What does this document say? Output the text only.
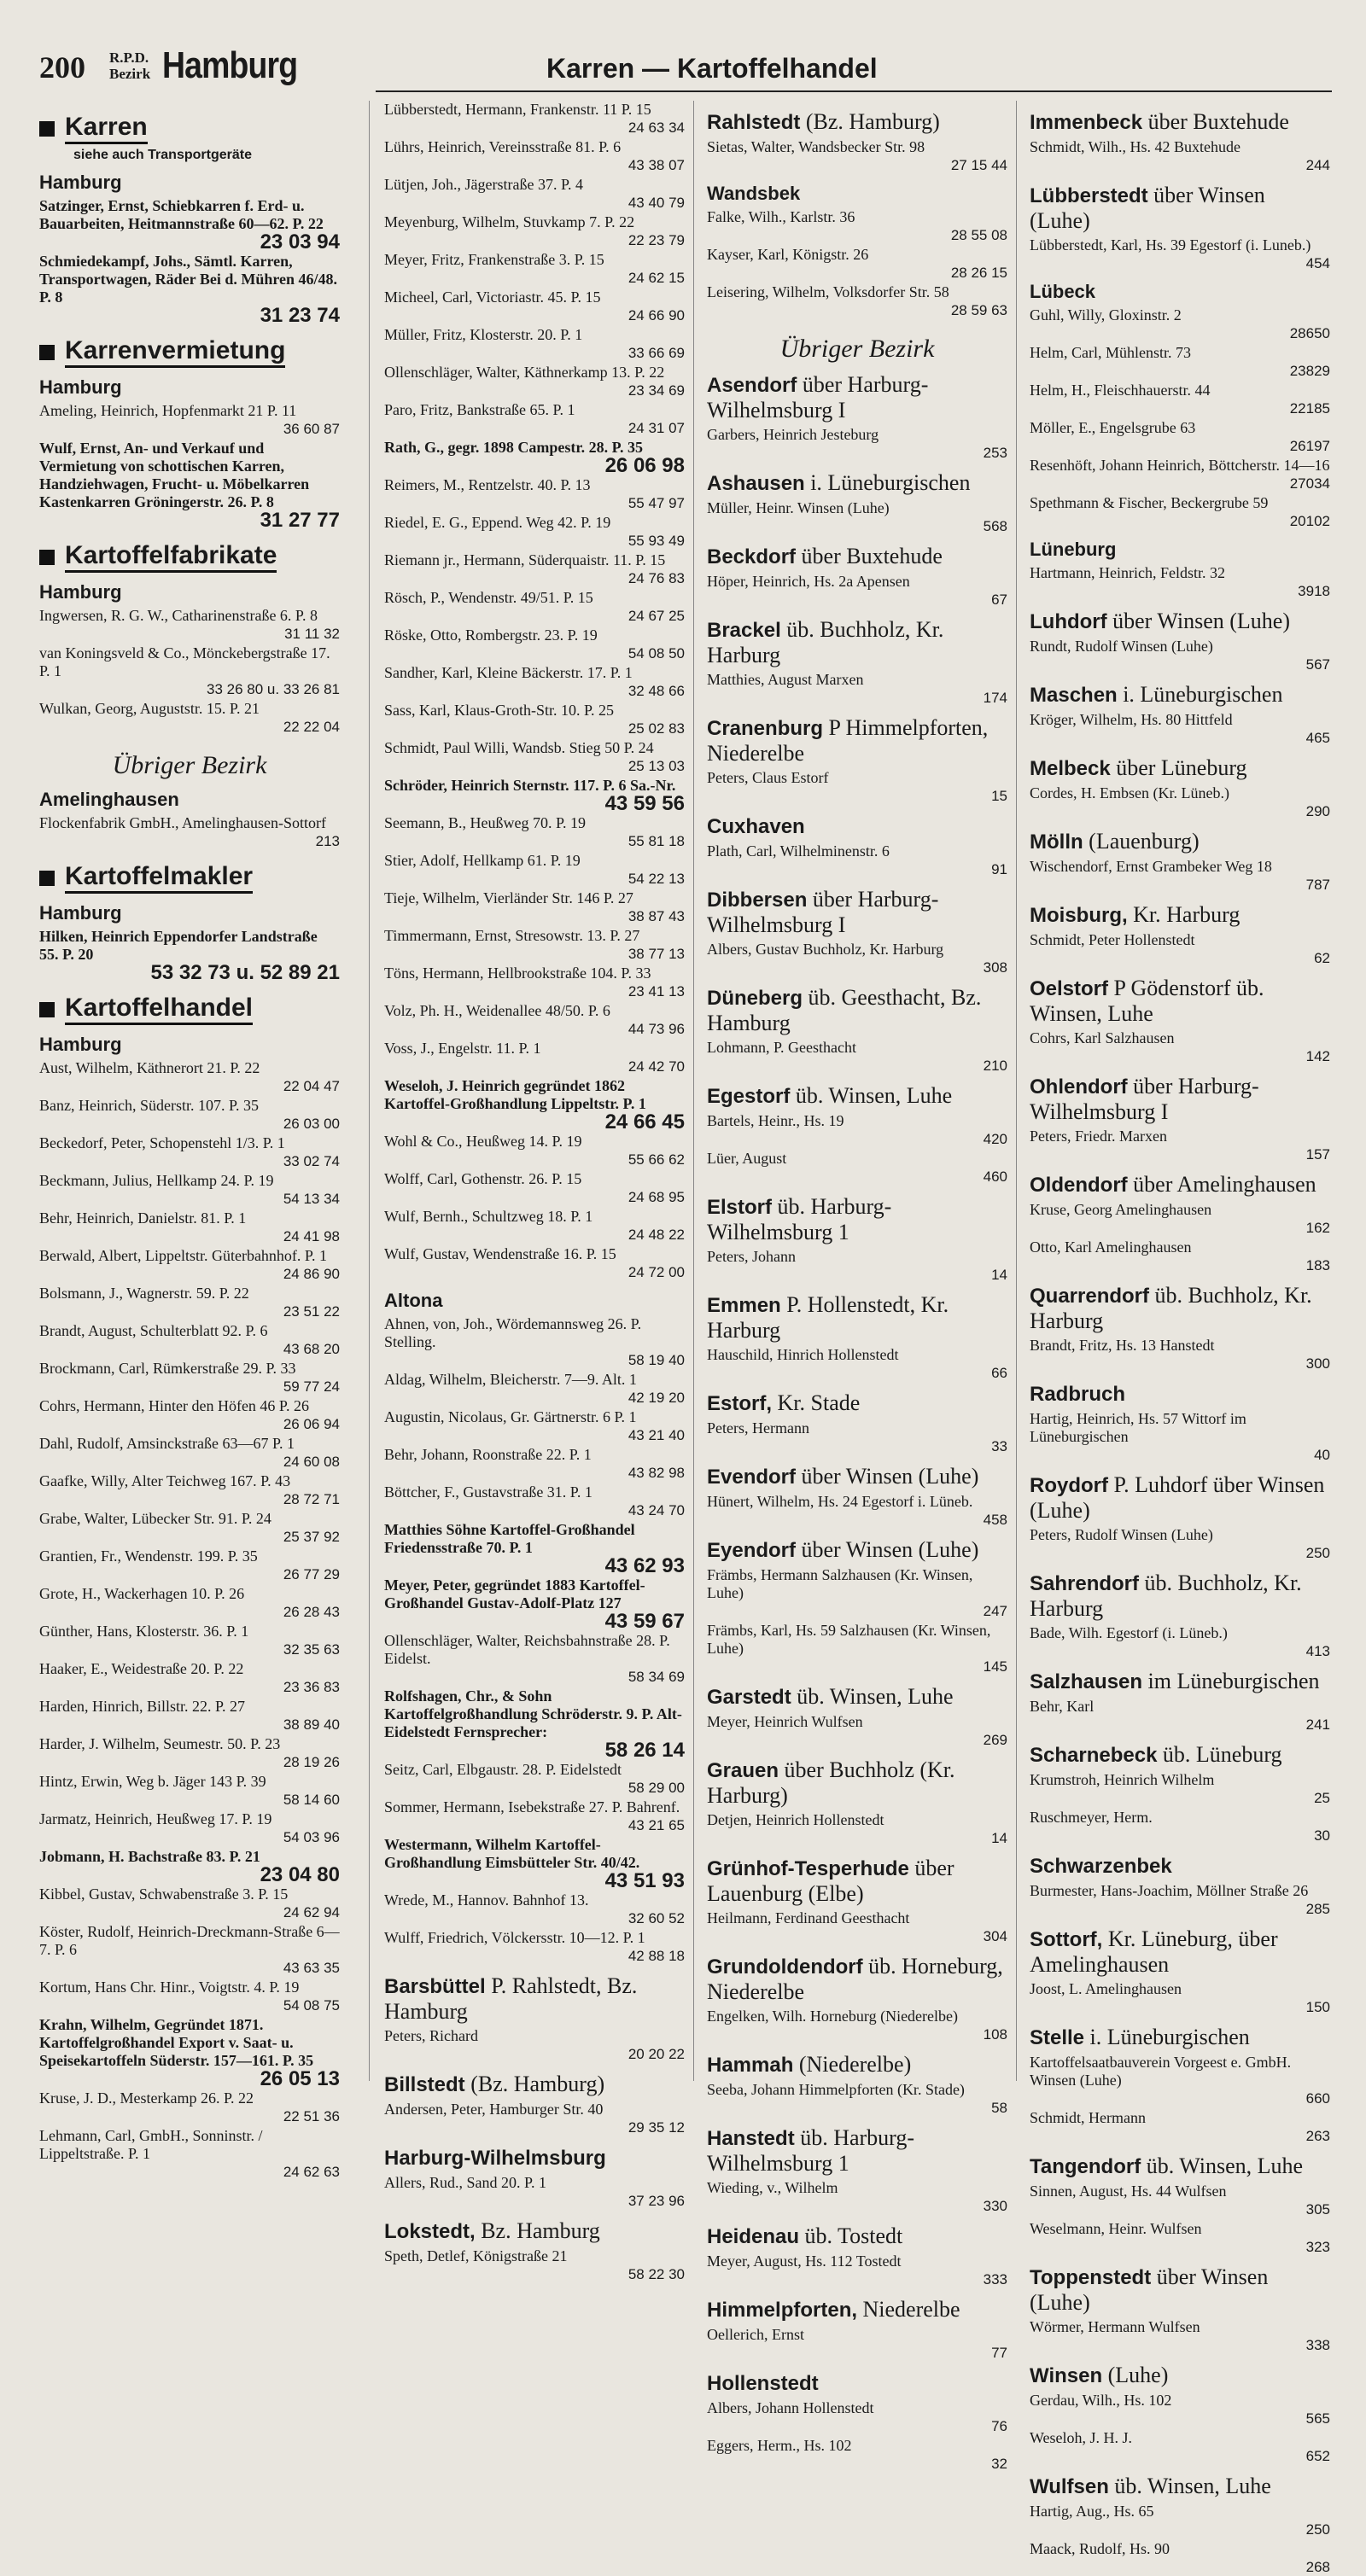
200 R.P.D.
Bezirk Hamburg	Karren — Kartoffelhandel
Karren
siehe auch Transportgeräte
Hamburg
Satzinger, Ernst, Schiebkarren f. Erd- u. Bauarbeiten, Heitmannstraße 60—62. P. 22
23 03 94
Schmiedekampf, Johs., Sämtl. Karren, Transportwagen, Räder Bei d. Mühren 46/48. P. 8
31 23 74
Karrenvermietung
Hamburg
Ameling, Heinrich, Hopfenmarkt 21 P. 11
36 60 87
Wulf, Ernst, An- und Verkauf und Vermietung von schottischen Karren, Handziehwagen, Frucht- u. Möbelkarren Kastenkarren Gröningerstr. 26. P. 8
31 27 77
Kartoffelfabrikate
Hamburg
Ingwersen, R. G. W., Catharinenstraße 6. P. 8
31 11 32
van Koningsveld & Co., Mönckebergstraße 17. P. 1
33 26 80 u. 33 26 81
Wulkan, Georg, Auguststr. 15. P. 21
22 22 04
Übriger Bezirk
Amelinghausen
Flockenfabrik GmbH., Amelinghausen-Sottorf
213
Kartoffelmakler
Hamburg
Hilken, Heinrich Eppendorfer Landstraße 55. P. 20
53 32 73 u. 52 89 21
Kartoffelhandel
Hamburg
Aust, Wilhelm, Käthnerort 21. P. 22
22 04 47
Banz, Heinrich, Süderstr. 107. P. 35
26 03 00
Beckedorf, Peter, Schopenstehl 1/3. P. 1
33 02 74
Beckmann, Julius, Hellkamp 24. P. 19
54 13 34
Behr, Heinrich, Danielstr. 81. P. 1
24 41 98
Berwald, Albert, Lippeltstr. Güterbahnhof. P. 1
24 86 90
Bolsmann, J., Wagnerstr. 59. P. 22
23 51 22
Brandt, August, Schulterblatt 92. P. 6
43 68 20
Brockmann, Carl, Rümkerstraße 29. P. 33
59 77 24
Cohrs, Hermann, Hinter den Höfen 46 P. 26
26 06 94
Dahl, Rudolf, Amsinckstraße 63—67 P. 1
24 60 08
Gaafke, Willy, Alter Teichweg 167. P. 43
28 72 71
Grabe, Walter, Lübecker Str. 91. P. 24
25 37 92
Grantien, Fr., Wendenstr. 199. P. 35
26 77 29
Grote, H., Wackerhagen 10. P. 26
26 28 43
Günther, Hans, Klosterstr. 36. P. 1
32 35 63
Haaker, E., Weidestraße 20. P. 22
23 36 83
Harden, Hinrich, Billstr. 22. P. 27
38 89 40
Harder, J. Wilhelm, Seumestr. 50. P. 23
28 19 26
Hintz, Erwin, Weg b. Jäger 143 P. 39
58 14 60
Jarmatz, Heinrich, Heußweg 17. P. 19
54 03 96
Jobmann, H. Bachstraße 83. P. 21
23 04 80
Kibbel, Gustav, Schwabenstraße 3. P. 15
24 62 94
Köster, Rudolf, Heinrich-Dreckmann-Straße 6—7. P. 6
43 63 35
Kortum, Hans Chr. Hinr., Voigtstr. 4. P. 19
54 08 75
Krahn, Wilhelm, Gegründet 1871. Kartoffelgroßhandel Export v. Saat- u. Speisekartoffeln Süderstr. 157—161. P. 35
26 05 13
Kruse, J. D., Mesterkamp 26. P. 22
22 51 36
Lehmann, Carl, GmbH., Sonninstr. / Lippeltstraße. P. 1
24 62 63
Lübberstedt, Hermann, Frankenstr. 11 P. 15
24 63 34
Lührs, Heinrich, Vereinsstraße 81. P. 6
43 38 07
Lütjen, Joh., Jägerstraße 37. P. 4
43 40 79
Meyenburg, Wilhelm, Stuvkamp 7. P. 22
22 23 79
Meyer, Fritz, Frankenstraße 3. P. 15
24 62 15
Micheel, Carl, Victoriastr. 45. P. 15
24 66 90
Müller, Fritz, Klosterstr. 20. P. 1
33 66 69
Ollenschläger, Walter, Käthnerkamp 13. P. 22
23 34 69
Paro, Fritz, Bankstraße 65. P. 1
24 31 07
Rath, G., gegr. 1898 Campestr. 28. P. 35
26 06 98
Reimers, M., Rentzelstr. 40. P. 13
55 47 97
Riedel, E. G., Eppend. Weg 42. P. 19
55 93 49
Riemann jr., Hermann, Süderquaistr. 11. P. 15
24 76 83
Rösch, P., Wendenstr. 49/51. P. 15
24 67 25
Röske, Otto, Rombergstr. 23. P. 19
54 08 50
Sandher, Karl, Kleine Bäckerstr. 17. P. 1
32 48 66
Sass, Karl, Klaus-Groth-Str. 10. P. 25
25 02 83
Schmidt, Paul Willi, Wandsb. Stieg 50 P. 24
25 13 03
Schröder, Heinrich Sternstr. 117. P. 6 Sa.-Nr.
43 59 56
Seemann, B., Heußweg 70. P. 19
55 81 18
Stier, Adolf, Hellkamp 61. P. 19
54 22 13
Tieje, Wilhelm, Vierländer Str. 146 P. 27
38 87 43
Timmermann, Ernst, Stresowstr. 13. P. 27
38 77 13
Töns, Hermann, Hellbrookstraße 104. P. 33
23 41 13
Volz, Ph. H., Weidenallee 48/50. P. 6
44 73 96
Voss, J., Engelstr. 11. P. 1
24 42 70
Weseloh, J. Heinrich gegründet 1862 Kartoffel-Großhandlung Lippeltstr. P. 1
24 66 45
Wohl & Co., Heußweg 14. P. 19
55 66 62
Wolff, Carl, Gothenstr. 26. P. 15
24 68 95
Wulf, Bernh., Schultzweg 18. P. 1
24 48 22
Wulf, Gustav, Wendenstraße 16. P. 15
24 72 00
Altona
Ahnen, von, Joh., Wördemannsweg 26. P. Stelling.
58 19 40
Aldag, Wilhelm, Bleicherstr. 7—9. Alt. 1
42 19 20
Augustin, Nicolaus, Gr. Gärtnerstr. 6 P. 1
43 21 40
Behr, Johann, Roonstraße 22. P. 1
43 82 98
Böttcher, F., Gustavstraße 31. P. 1
43 24 70
Matthies Söhne Kartoffel-Großhandel Friedensstraße 70. P. 1
43 62 93
Meyer, Peter, gegründet 1883 Kartoffel-Großhandel Gustav-Adolf-Platz 127
43 59 67
Ollenschläger, Walter, Reichsbahnstraße 28. P. Eidelst.
58 34 69
Rolfshagen, Chr., & Sohn Kartoffelgroßhandlung Schröderstr. 9. P. Alt-Eidelstedt Fernsprecher:
58 26 14
Seitz, Carl, Elbgaustr. 28. P. Eidelstedt
58 29 00
Sommer, Hermann, Isebekstraße 27. P. Bahrenf.
43 21 65
Westermann, Wilhelm Kartoffel-Großhandlung Eimsbütteler Str. 40/42.
43 51 93
Wrede, M., Hannov. Bahnhof 13.
32 60 52
Wulff, Friedrich, Völckersstr. 10—12. P. 1
42 88 18
Barsbüttel P. Rahlstedt, Bz. Hamburg
Peters, Richard
20 20 22
Billstedt (Bz. Hamburg)
Andersen, Peter, Hamburger Str. 40
29 35 12
Harburg-Wilhelmsburg
Allers, Rud., Sand 20. P. 1
37 23 96
Lokstedt, Bz. Hamburg
Speth, Detlef, Königstraße 21
58 22 30
Rahlstedt (Bz. Hamburg)
Sietas, Walter, Wandsbecker Str. 98
27 15 44
Wandsbek
Falke, Wilh., Karlstr. 36
28 55 08
Kayser, Karl, Königstr. 26
28 26 15
Leisering, Wilhelm, Volksdorfer Str. 58
28 59 63
Übriger Bezirk
Asendorf über Harburg-Wilhelmsburg I
Garbers, Heinrich Jesteburg
253
Ashausen i. Lüneburgischen
Müller, Heinr. Winsen (Luhe)
568
Beckdorf über Buxtehude
Höper, Heinrich, Hs. 2a Apensen
67
Brackel üb. Buchholz, Kr. Harburg
Matthies, August Marxen
174
Cranenburg P Himmelpforten, Niederelbe
Peters, Claus Estorf
15
Cuxhaven
Plath, Carl, Wilhelminenstr. 6
91
Dibbersen über Harburg-Wilhelmsburg I
Albers, Gustav Buchholz, Kr. Harburg
308
Düneberg üb. Geesthacht, Bz. Hamburg
Lohmann, P. Geesthacht
210
Egestorf üb. Winsen, Luhe
Bartels, Heinr., Hs. 19
420
Lüer, August
460
Elstorf üb. Harburg-Wilhelmsburg 1
Peters, Johann
14
Emmen P. Hollenstedt, Kr. Harburg
Hauschild, Hinrich Hollenstedt
66
Estorf, Kr. Stade
Peters, Hermann
33
Evendorf über Winsen (Luhe)
Hünert, Wilhelm, Hs. 24 Egestorf i. Lüneb.
458
Eyendorf über Winsen (Luhe)
Främbs, Hermann Salzhausen (Kr. Winsen, Luhe)
247
Främbs, Karl, Hs. 59 Salzhausen (Kr. Winsen, Luhe)
145
Garstedt üb. Winsen, Luhe
Meyer, Heinrich Wulfsen
269
Grauen über Buchholz (Kr. Harburg)
Detjen, Heinrich Hollenstedt
14
Grünhof-Tesperhude über Lauenburg (Elbe)
Heilmann, Ferdinand Geesthacht
304
Grundoldendorf üb. Horneburg, Niederelbe
Engelken, Wilh. Horneburg (Niederelbe)
108
Hammah (Niederelbe)
Seeba, Johann Himmelpforten (Kr. Stade)
58
Hanstedt üb. Harburg-Wilhelmsburg 1
Wieding, v., Wilhelm
330
Heidenau üb. Tostedt
Meyer, August, Hs. 112 Tostedt
333
Himmelpforten, Niederelbe
Oellerich, Ernst
77
Hollenstedt
Albers, Johann Hollenstedt
76
Eggers, Herm., Hs. 102
32
Immenbeck über Buxtehude
Schmidt, Wilh., Hs. 42 Buxtehude
244
Lübberstedt über Winsen (Luhe)
Lübberstedt, Karl, Hs. 39 Egestorf (i. Luneb.)
454
Lübeck
Guhl, Willy, Gloxinstr. 2
28650
Helm, Carl, Mühlenstr. 73
23829
Helm, H., Fleischhauerstr. 44
22185
Möller, E., Engelsgrube 63
26197
Resenhöft, Johann Heinrich, Böttcherstr. 14—16
27034
Spethmann & Fischer, Beckergrube 59
20102
Lüneburg
Hartmann, Heinrich, Feldstr. 32
3918
Luhdorf über Winsen (Luhe)
Rundt, Rudolf Winsen (Luhe)
567
Maschen i. Lüneburgischen
Kröger, Wilhelm, Hs. 80 Hittfeld
465
Melbeck über Lüneburg
Cordes, H. Embsen (Kr. Lüneb.)
290
Mölln (Lauenburg)
Wischendorf, Ernst Grambeker Weg 18
787
Moisburg, Kr. Harburg
Schmidt, Peter Hollenstedt
62
Oelstorf P Gödenstorf üb. Winsen, Luhe
Cohrs, Karl Salzhausen
142
Ohlendorf über Harburg-Wilhelmsburg I
Peters, Friedr. Marxen
157
Oldendorf über Amelinghausen
Kruse, Georg Amelinghausen
162
Otto, Karl Amelinghausen
183
Quarrendorf üb. Buchholz, Kr. Harburg
Brandt, Fritz, Hs. 13 Hanstedt
300
Radbruch
Hartig, Heinrich, Hs. 57 Wittorf im Lüneburgischen
40
Roydorf P. Luhdorf über Winsen (Luhe)
Peters, Rudolf Winsen (Luhe)
250
Sahrendorf üb. Buchholz, Kr. Harburg
Bade, Wilh. Egestorf (i. Lüneb.)
413
Salzhausen im Lüneburgischen
Behr, Karl
241
Scharnebeck üb. Lüneburg
Krumstroh, Heinrich Wilhelm
25
Ruschmeyer, Herm.
30
Schwarzenbek
Burmester, Hans-Joachim, Möllner Straße 26
285
Sottorf, Kr. Lüneburg, über Amelinghausen
Joost, L. Amelinghausen
150
Stelle i. Lüneburgischen
Kartoffelsaatbauverein Vorgeest e. GmbH. Winsen (Luhe)
660
Schmidt, Hermann
263
Tangendorf üb. Winsen, Luhe
Sinnen, August, Hs. 44 Wulfsen
305
Weselmann, Heinr. Wulfsen
323
Toppenstedt über Winsen (Luhe)
Wörmer, Hermann Wulfsen
338
Winsen (Luhe)
Gerdau, Wilh., Hs. 102
565
Weseloh, J. H. J.
652
Wulfsen üb. Winsen, Luhe
Hartig, Aug., Hs. 65
250
Maack, Rudolf, Hs. 90
268
